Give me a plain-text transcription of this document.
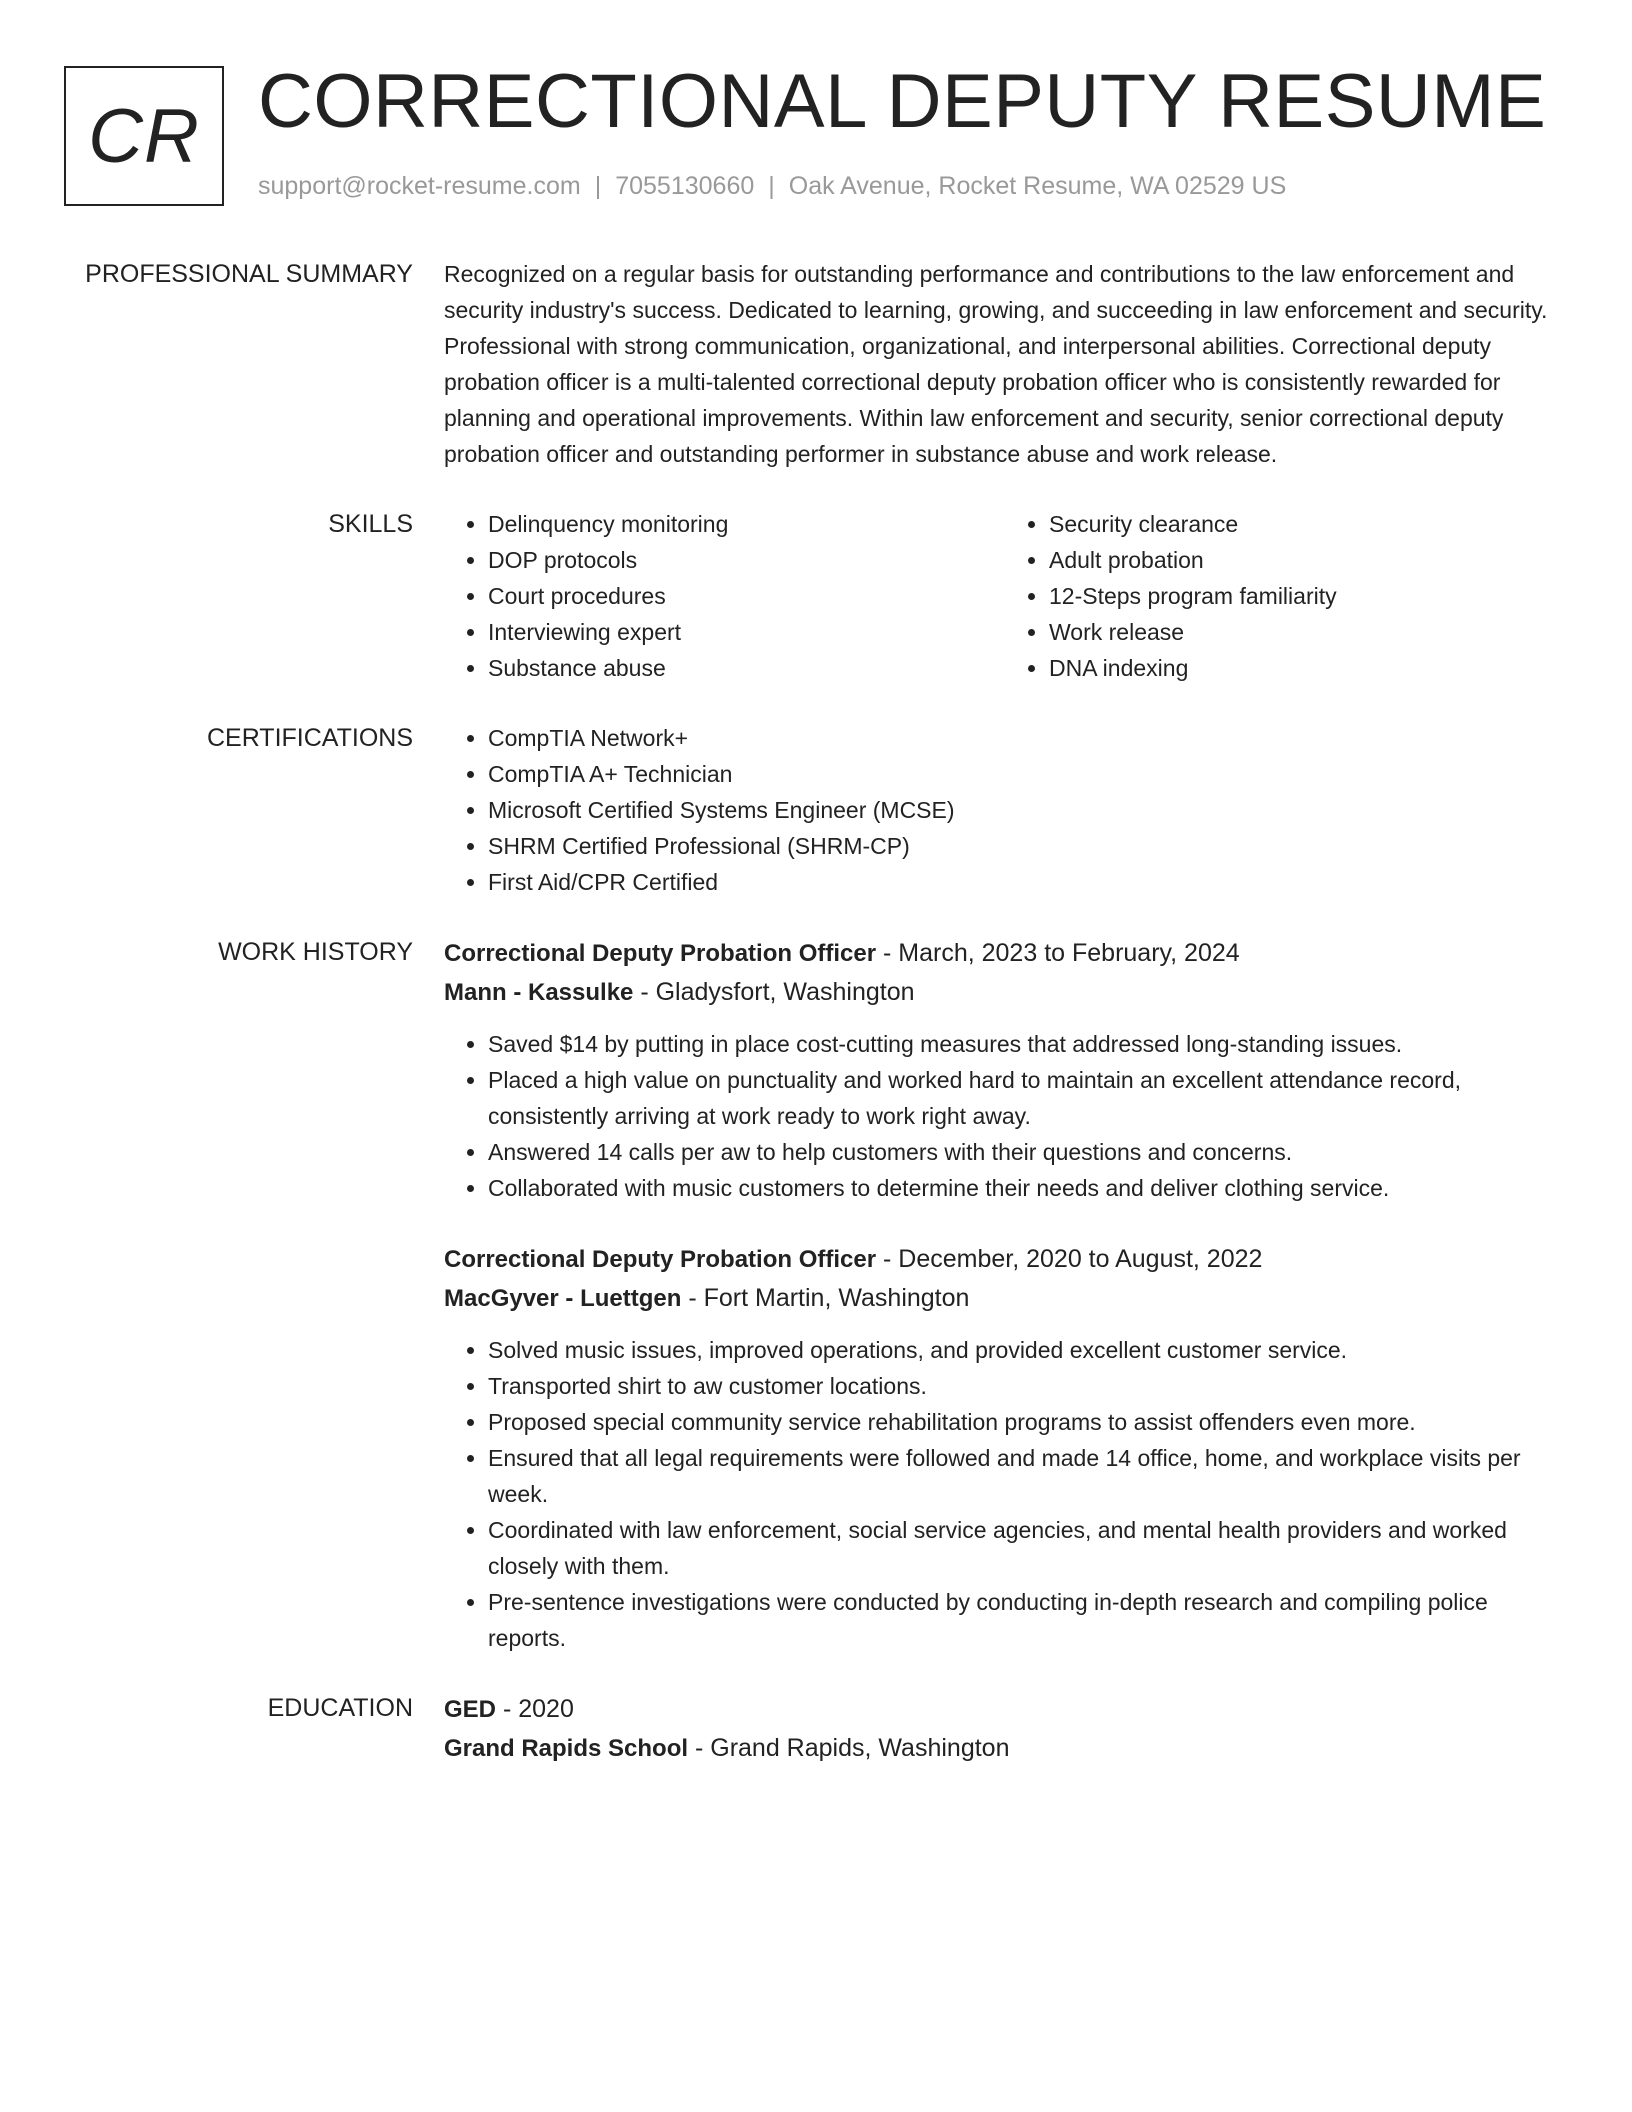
CR CORRECTIONAL DEPUTY RESUME
support@rocket-resume.com | 7055130660 | Oak Avenue, Rocket Resume, WA 02529 US
PROFESSIONAL SUMMARY Recognized on a regular basis for outstanding performance and contributions to the law enforcement and security industry's success. Dedicated to learning, growing, and succeeding in law enforcement and security. Professional with strong communication, organizational, and interpersonal abilities. Correctional deputy probation officer is a multi-talented correctional deputy probation officer who is consistently rewarded for planning and operational improvements. Within law enforcement and security, senior correctional deputy probation officer and outstanding performer in substance abuse and work release.

SKILLS	• Delinquency monitoring
• DOP protocols
• Court procedures
• Interviewing expert
• Substance abuse
• Security clearance
• Adult probation
• 12-Steps program familiarity
• Work release
• DNA indexing
CERTIFICATIONS	• CompTIA Network+
• CompTIA A+ Technician
• Microsoft Certified Systems Engineer (MCSE)
• SHRM Certified Professional (SHRM-CP)
• First Aid/CPR Certified
WORK HISTORY Correctional Deputy Probation Officer - March, 2023 to February, 2024
Mann - Kassulke - Gladysfort, Washington
• Saved $14 by putting in place cost-cutting measures that addressed long-standing issues.
• Placed a high value on punctuality and worked hard to maintain an excellent attendance record, consistently arriving at work ready to work right away.
• Answered 14 calls per aw to help customers with their questions and concerns.
• Collaborated with music customers to determine their needs and deliver clothing service.
Correctional Deputy Probation Officer - December, 2020 to August, 2022
MacGyver - Luettgen - Fort Martin, Washington
• Solved music issues, improved operations, and provided excellent customer service.
• Transported shirt to aw customer locations.
• Proposed special community service rehabilitation programs to assist offenders even more.
• Ensured that all legal requirements were followed and made 14 office, home, and workplace visits per week.
• Coordinated with law enforcement, social service agencies, and mental health providers and worked closely with them.
• Pre-sentence investigations were conducted by conducting in-depth research and compiling police reports.
EDUCATION GED - 2020
Grand Rapids School - Grand Rapids, Washington
